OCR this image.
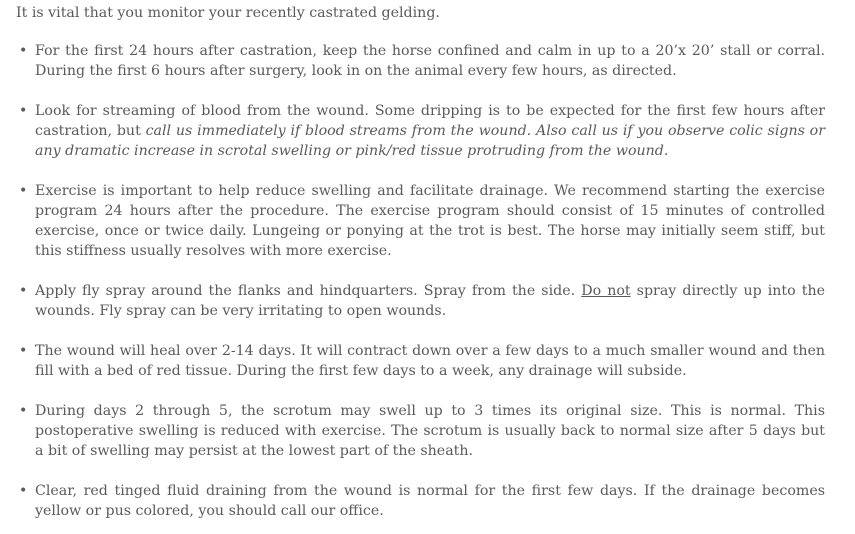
It is vital that you monitor your recently castrated gelding.

• For the first 24 hours after castration, keep the horse confined and calm in up to a 20’x 20’ stall or corral. During the first 6 hours after surgery, look in on the animal every few hours, as directed.
• Look for streaming of blood from the wound. Some dripping is to be expected for the first few hours after castration, but call us immediately if blood streams from the wound. Also call us if you observe colic signs or any dramatic increase in scrotal swelling or pink/red tissue protruding from the wound.
• Exercise is important to help reduce swelling and facilitate drainage. We recommend starting the exercise program 24 hours after the procedure. The exercise program should consist of 15 minutes of controlled exercise, once or twice daily. Lungeing or ponying at the trot is best. The horse may initially seem stiff, but this stiffness usually resolves with more exercise.
• Apply fly spray around the flanks and hindquarters. Spray from the side. Do not spray directly up into the wounds. Fly spray can be very irritating to open wounds.
• The wound will heal over 2-14 days. It will contract down over a few days to a much smaller wound and then fill with a bed of red tissue. During the first few days to a week, any drainage will subside.
• During days 2 through 5, the scrotum may swell up to 3 times its original size. This is normal. This postoperative swelling is reduced with exercise. The scrotum is usually back to normal size after 5 days but a bit of swelling may persist at the lowest part of the sheath.
• Clear, red tinged fluid draining from the wound is normal for the first few days. If the drainage becomes yellow or pus colored, you should call our office.
